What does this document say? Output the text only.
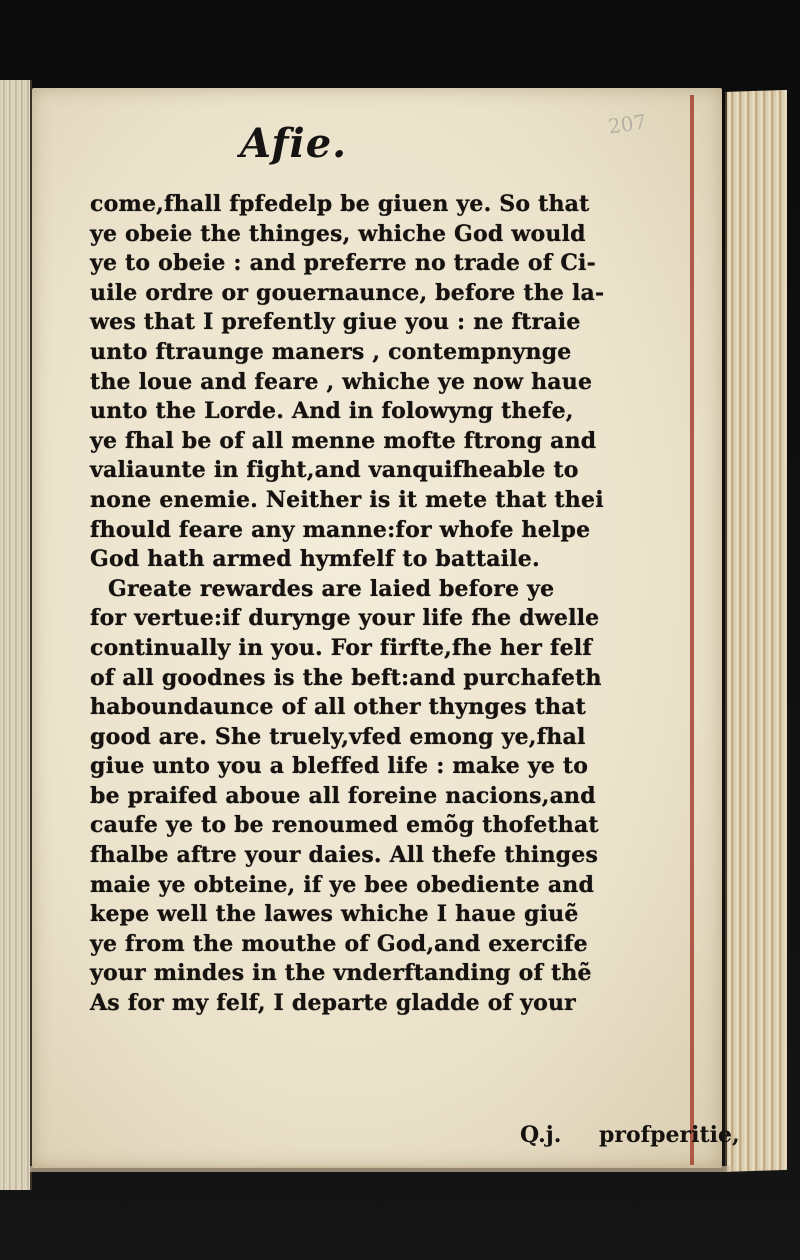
207
Afie.
come,fhall fpfedelp be giuen ye. So that
ye obeie the thinges, whiche God would
ye to obeie : and preferre no trade of Ci-
uile ordre or gouernaunce, before the la-
wes that I prefently giue you : ne ftraie
unto ftraunge maners , contempnynge
the loue and feare , whiche ye now haue
unto the Lorde. And in folowyng thefe,
ye fhal be of all menne mofte ftrong and
valiaunte in fight,and vanquifheable to
none enemie. Neither is it mete that thei
fhould feare any manne:for whofe helpe
God hath armed hymfelf to battaile.
Greate rewardes are laied before ye
for vertue:if durynge your life fhe dwelle
continually in you. For firfte,fhe her felf
of all goodnes is the beft:and purchafeth
haboundaunce of all other thynges that
good are. She truely,vfed emong ye,fhal
giue unto you a bleffed life : make ye to
be praifed aboue all foreine nacions,and
caufe ye to be renoumed emõg thofethat
fhalbe aftre your daies. All thefe thinges
maie ye obteine, if ye bee obediente and
kepe well the lawes whiche I haue giuẽ
ye from the mouthe of God,and exercife
your mindes in the vnderftanding of thẽ
As for my felf, I departe gladde of your
Q.j. profperitie,
